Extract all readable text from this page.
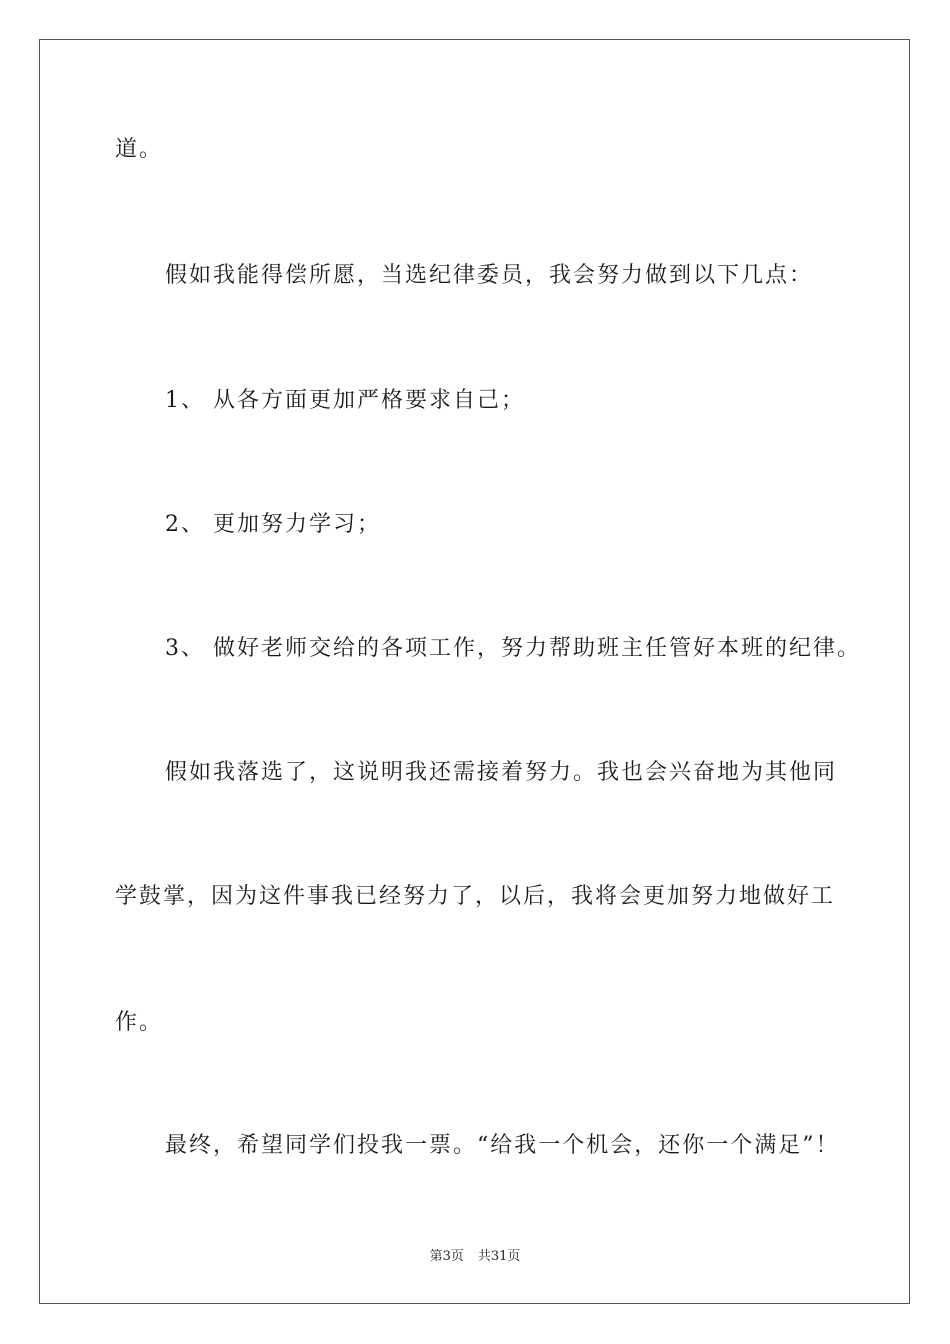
道。
假如我能得偿所愿，当选纪律委员，我会努力做到以下几点：
1、 从各方面更加严格要求自己；
2、 更加努力学习；
3、 做好老师交给的各项工作，努力帮助班主任管好本班的纪律。
假如我落选了，这说明我还需接着努力。我也会兴奋地为其他同
学鼓掌，因为这件事我已经努力了，以后，我将会更加努力地做好工
作。
最终，希望同学们投我一票。“给我一个机会，还你一个满足”！
第3页 共31页
